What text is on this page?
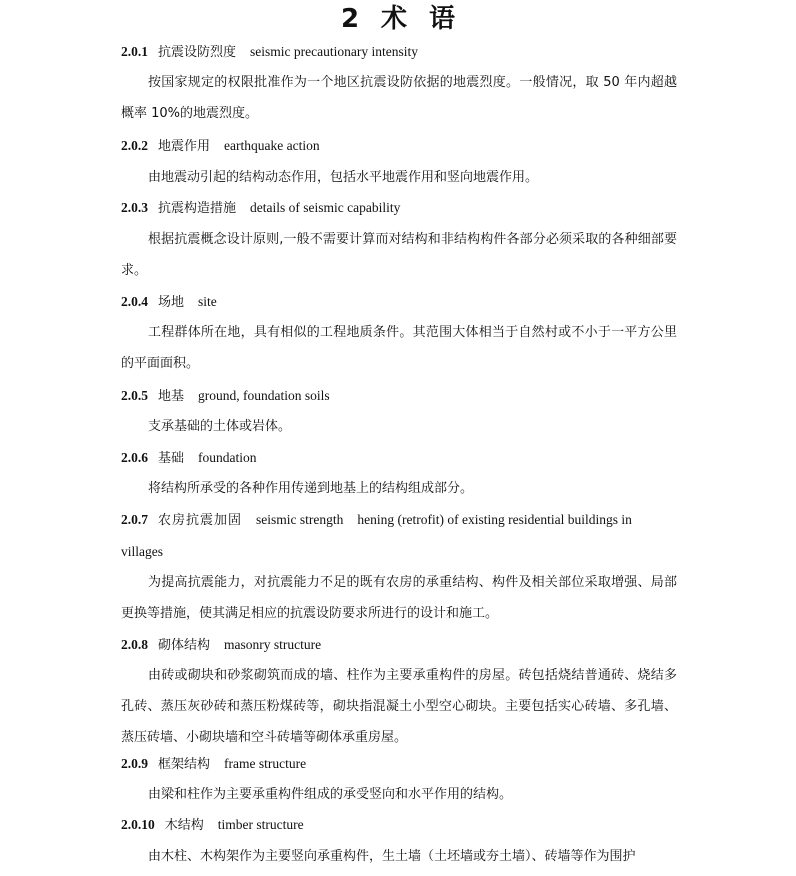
2 术 语
2.0.1 抗震设防烈度 seismic precautionary intensity
按国家规定的权限批准作为一个地区抗震设防依据的地震烈度。一般情况，取 50 年内超越概率 10%的地震烈度。
2.0.2 地震作用 earthquake action
由地震动引起的结构动态作用，包括水平地震作用和竖向地震作用。
2.0.3 抗震构造措施 details of seismic capability
根据抗震概念设计原则,一般不需要计算而对结构和非结构构件各部分必须采取的各种细部要求。
2.0.4 场地 site
工程群体所在地，具有相似的工程地质条件。其范围大体相当于自然村或不小于一平方公里的平面面积。
2.0.5 地基 ground, foundation soils
支承基础的土体或岩体。
2.0.6 基础 foundation
将结构所承受的各种作用传递到地基上的结构组成部分。
2.0.7 农房抗震加固 seismic strength hening (retrofit) of existing residential buildings in
villages
为提高抗震能力，对抗震能力不足的既有农房的承重结构、构件及相关部位采取增强、局部更换等措施，使其满足相应的抗震设防要求所进行的设计和施工。
2.0.8 砌体结构 masonry structure
由砖或砌块和砂浆砌筑而成的墙、柱作为主要承重构件的房屋。砖包括烧结普通砖、烧结多孔砖、蒸压灰砂砖和蒸压粉煤砖等，砌块指混凝土小型空心砌块。主要包括实心砖墙、多孔墙、蒸压砖墙、小砌块墙和空斗砖墙等砌体承重房屋。
2.0.9 框架结构 frame structure
由梁和柱作为主要承重构件组成的承受竖向和水平作用的结构。
2.0.10 木结构 timber structure
由木柱、木构架作为主要竖向承重构件，生土墙（土坯墙或夯土墙）、砖墙等作为围护
